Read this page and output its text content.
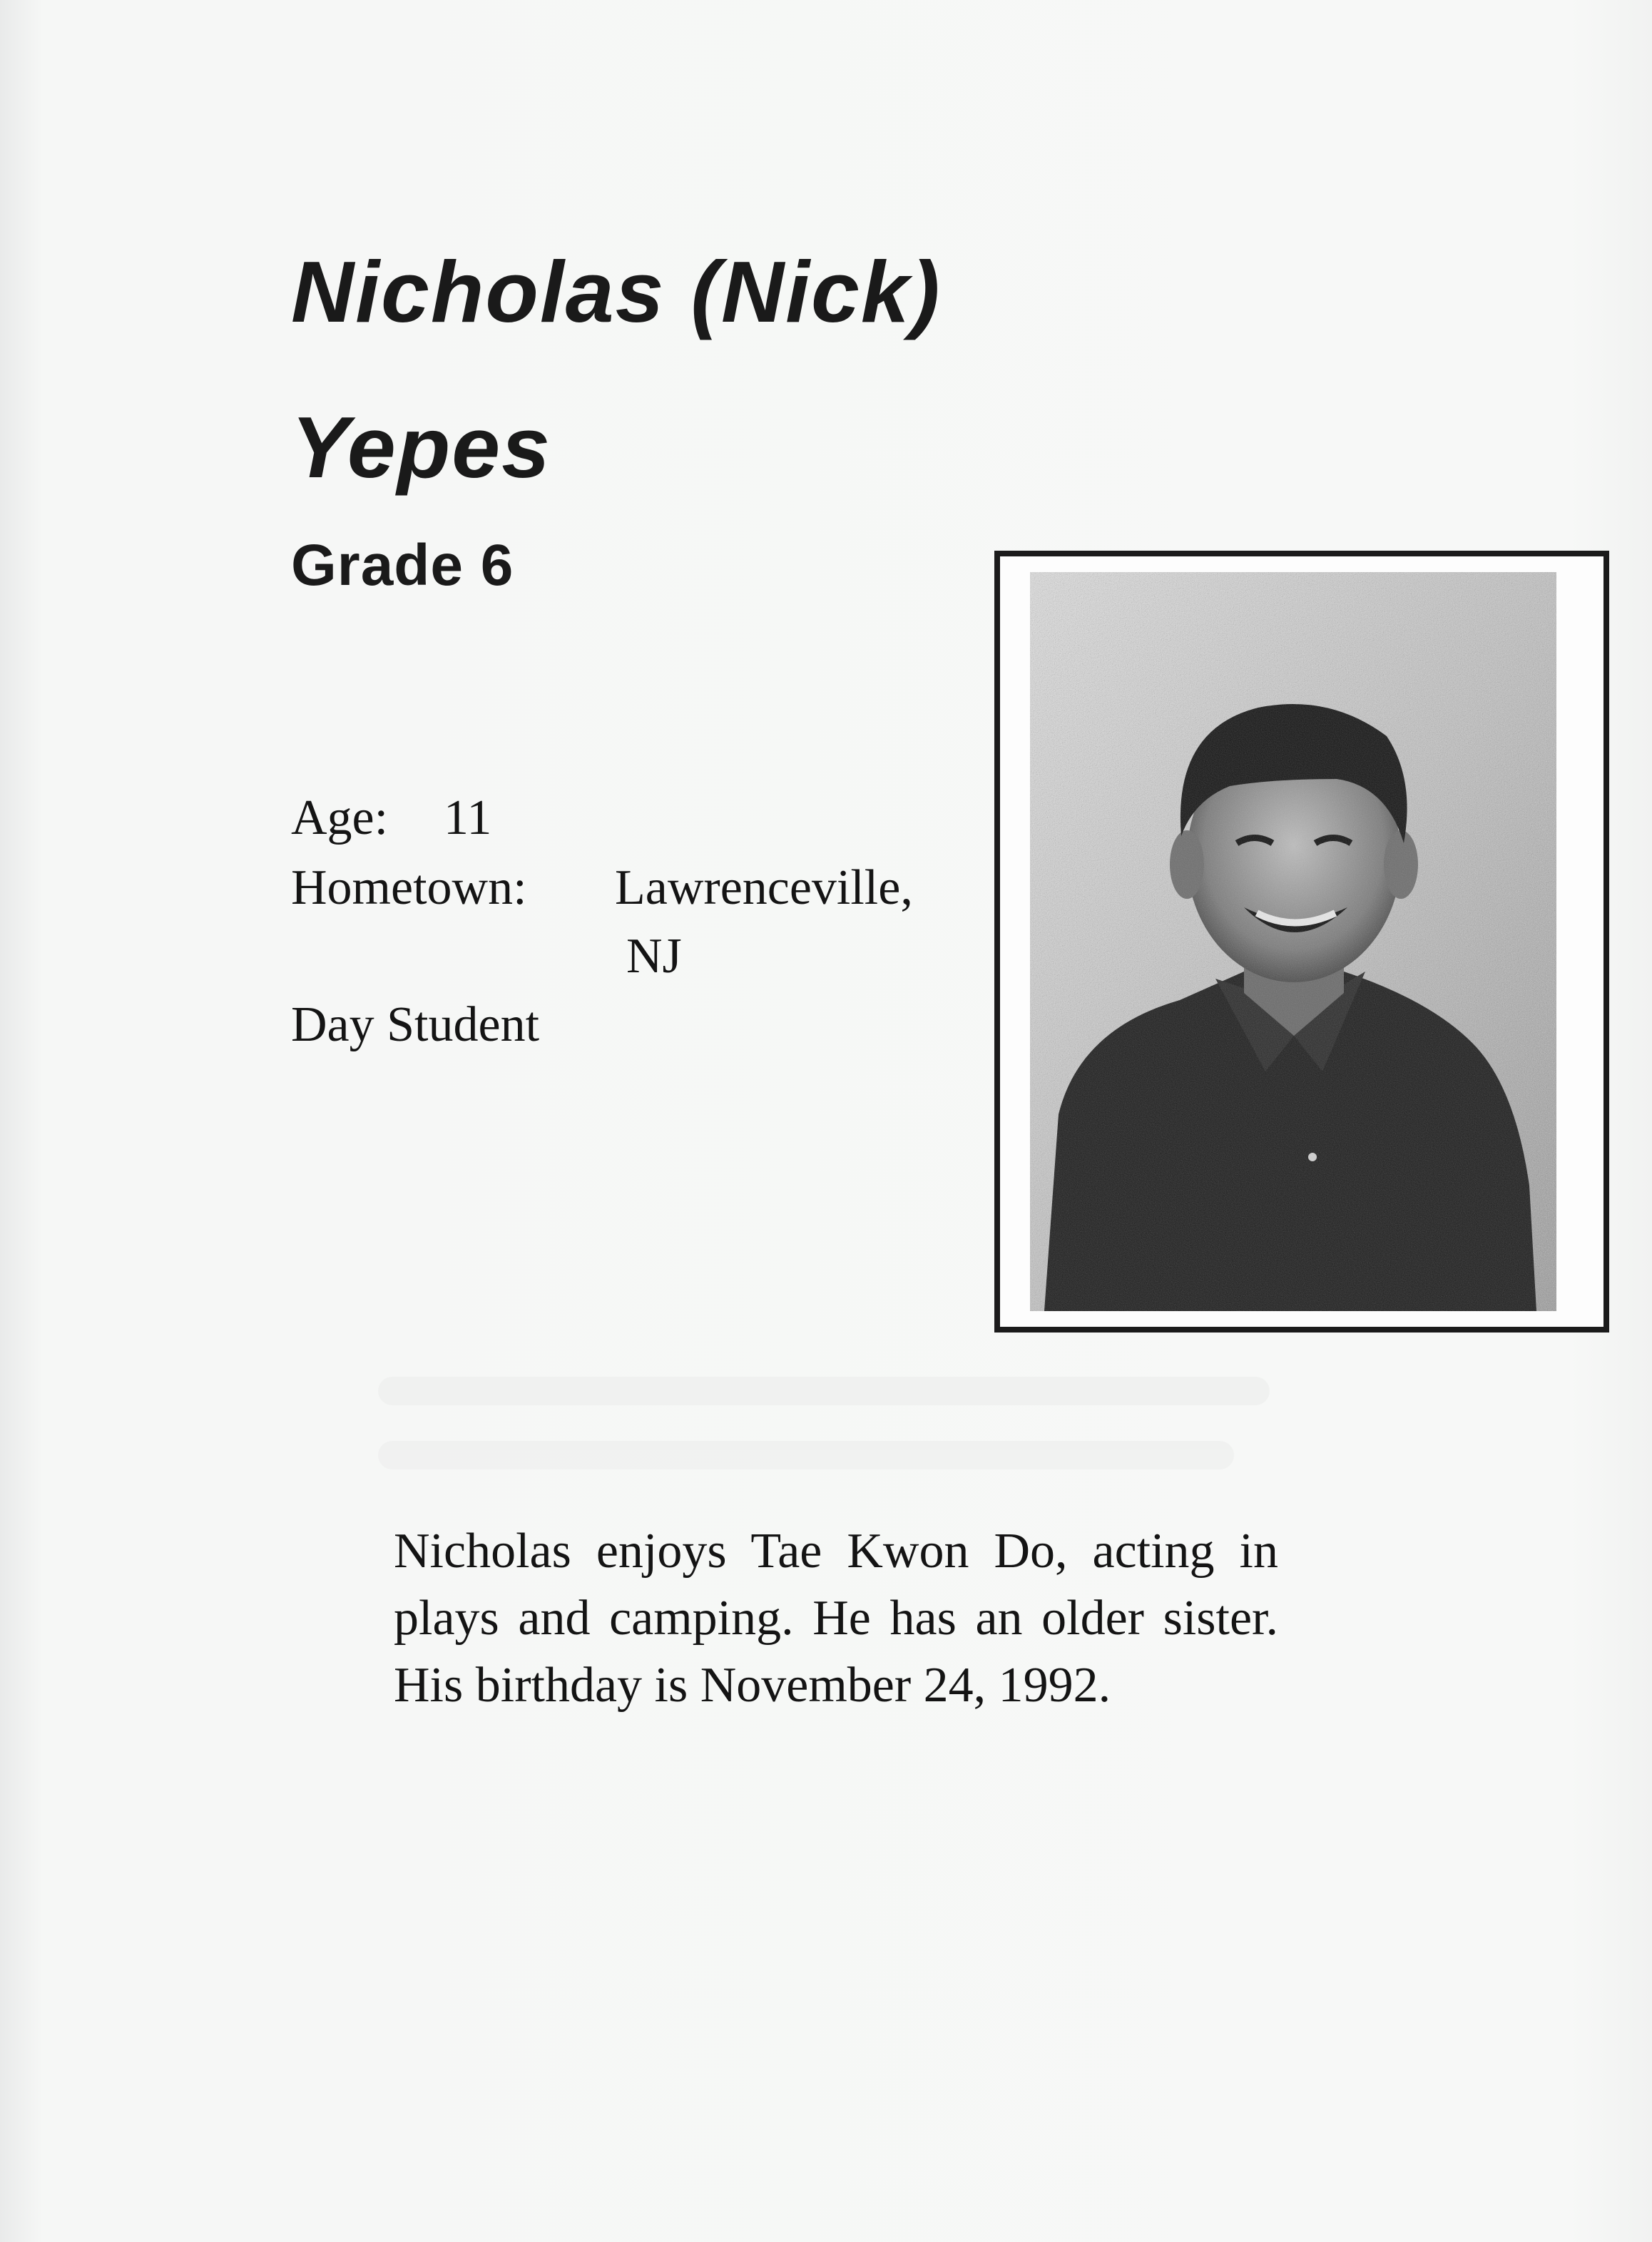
Nicholas (Nick)
Yepes
Grade 6
Age: 11
Hometown: Lawrenceville,
NJ
Day Student
Nicholas enjoys Tae Kwon Do, acting in plays and camping. He has an older sister. His birthday is November 24, 1992.
